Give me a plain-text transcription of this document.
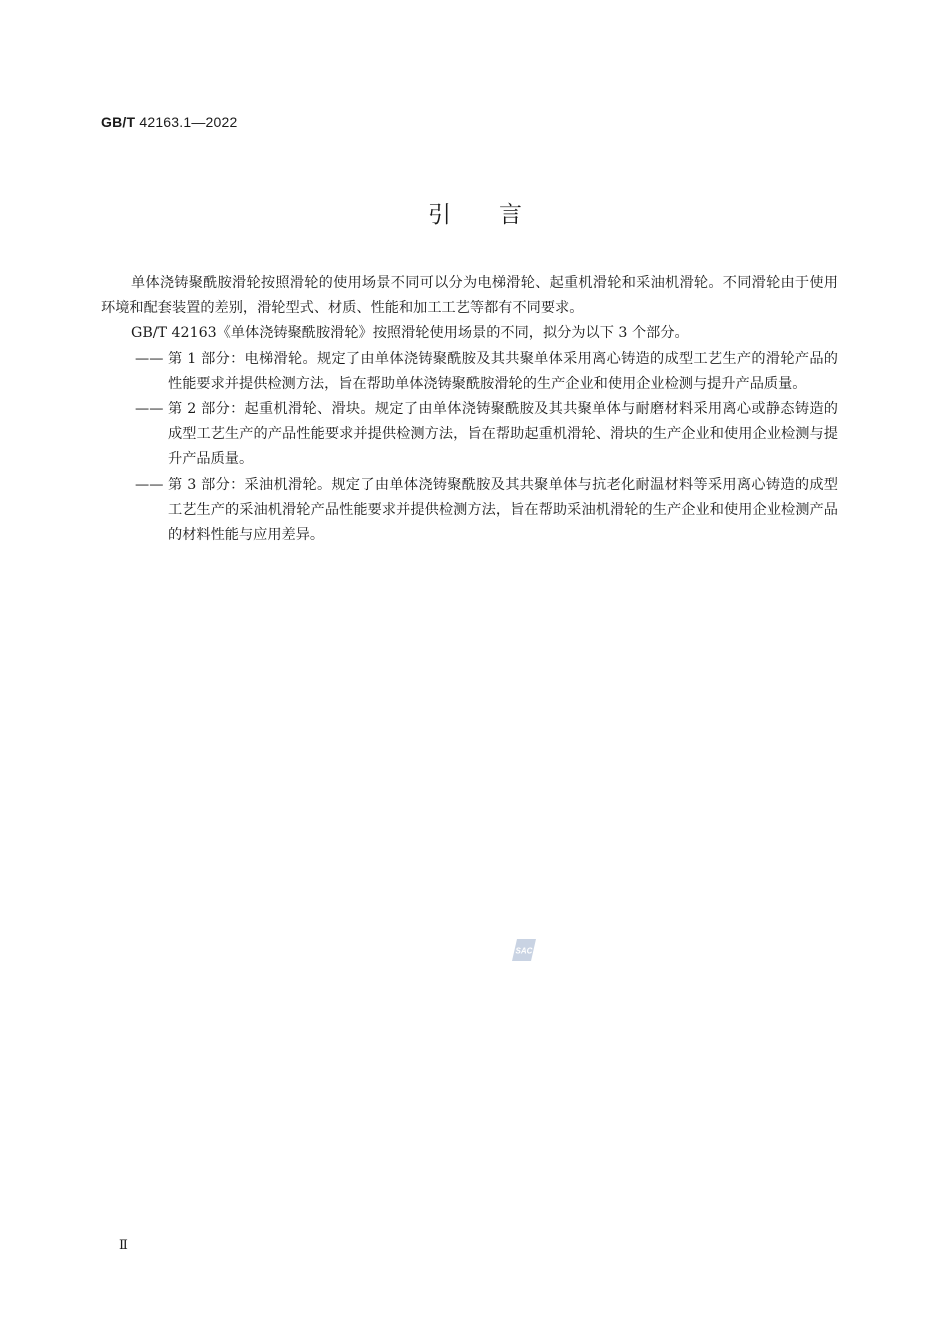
GB/T 42163.1—2022
引言

单体浇铸聚酰胺滑轮按照滑轮的使用场景不同可以分为电梯滑轮、起重机滑轮和采油机滑轮。不同滑轮由于使用环境和配套装置的差别，滑轮型式、材质、性能和加工工艺等都有不同要求。

GB/T 42163《单体浇铸聚酰胺滑轮》按照滑轮使用场景的不同，拟分为以下 3 个部分。

—— 第 1 部分：电梯滑轮。规定了由单体浇铸聚酰胺及其共聚单体采用离心铸造的成型工艺生产的滑轮产品的性能要求并提供检测方法，旨在帮助单体浇铸聚酰胺滑轮的生产企业和使用企业检测与提升产品质量。

—— 第 2 部分：起重机滑轮、滑块。规定了由单体浇铸聚酰胺及其共聚单体与耐磨材料采用离心或静态铸造的成型工艺生产的产品性能要求并提供检测方法，旨在帮助起重机滑轮、滑块的生产企业和使用企业检测与提升产品质量。

—— 第 3 部分：采油机滑轮。规定了由单体浇铸聚酰胺及其共聚单体与抗老化耐温材料等采用离心铸造的成型工艺生产的采油机滑轮产品性能要求并提供检测方法，旨在帮助采油机滑轮的生产企业和使用企业检测产品的材料性能与应用差异。

SAC
Ⅱ
